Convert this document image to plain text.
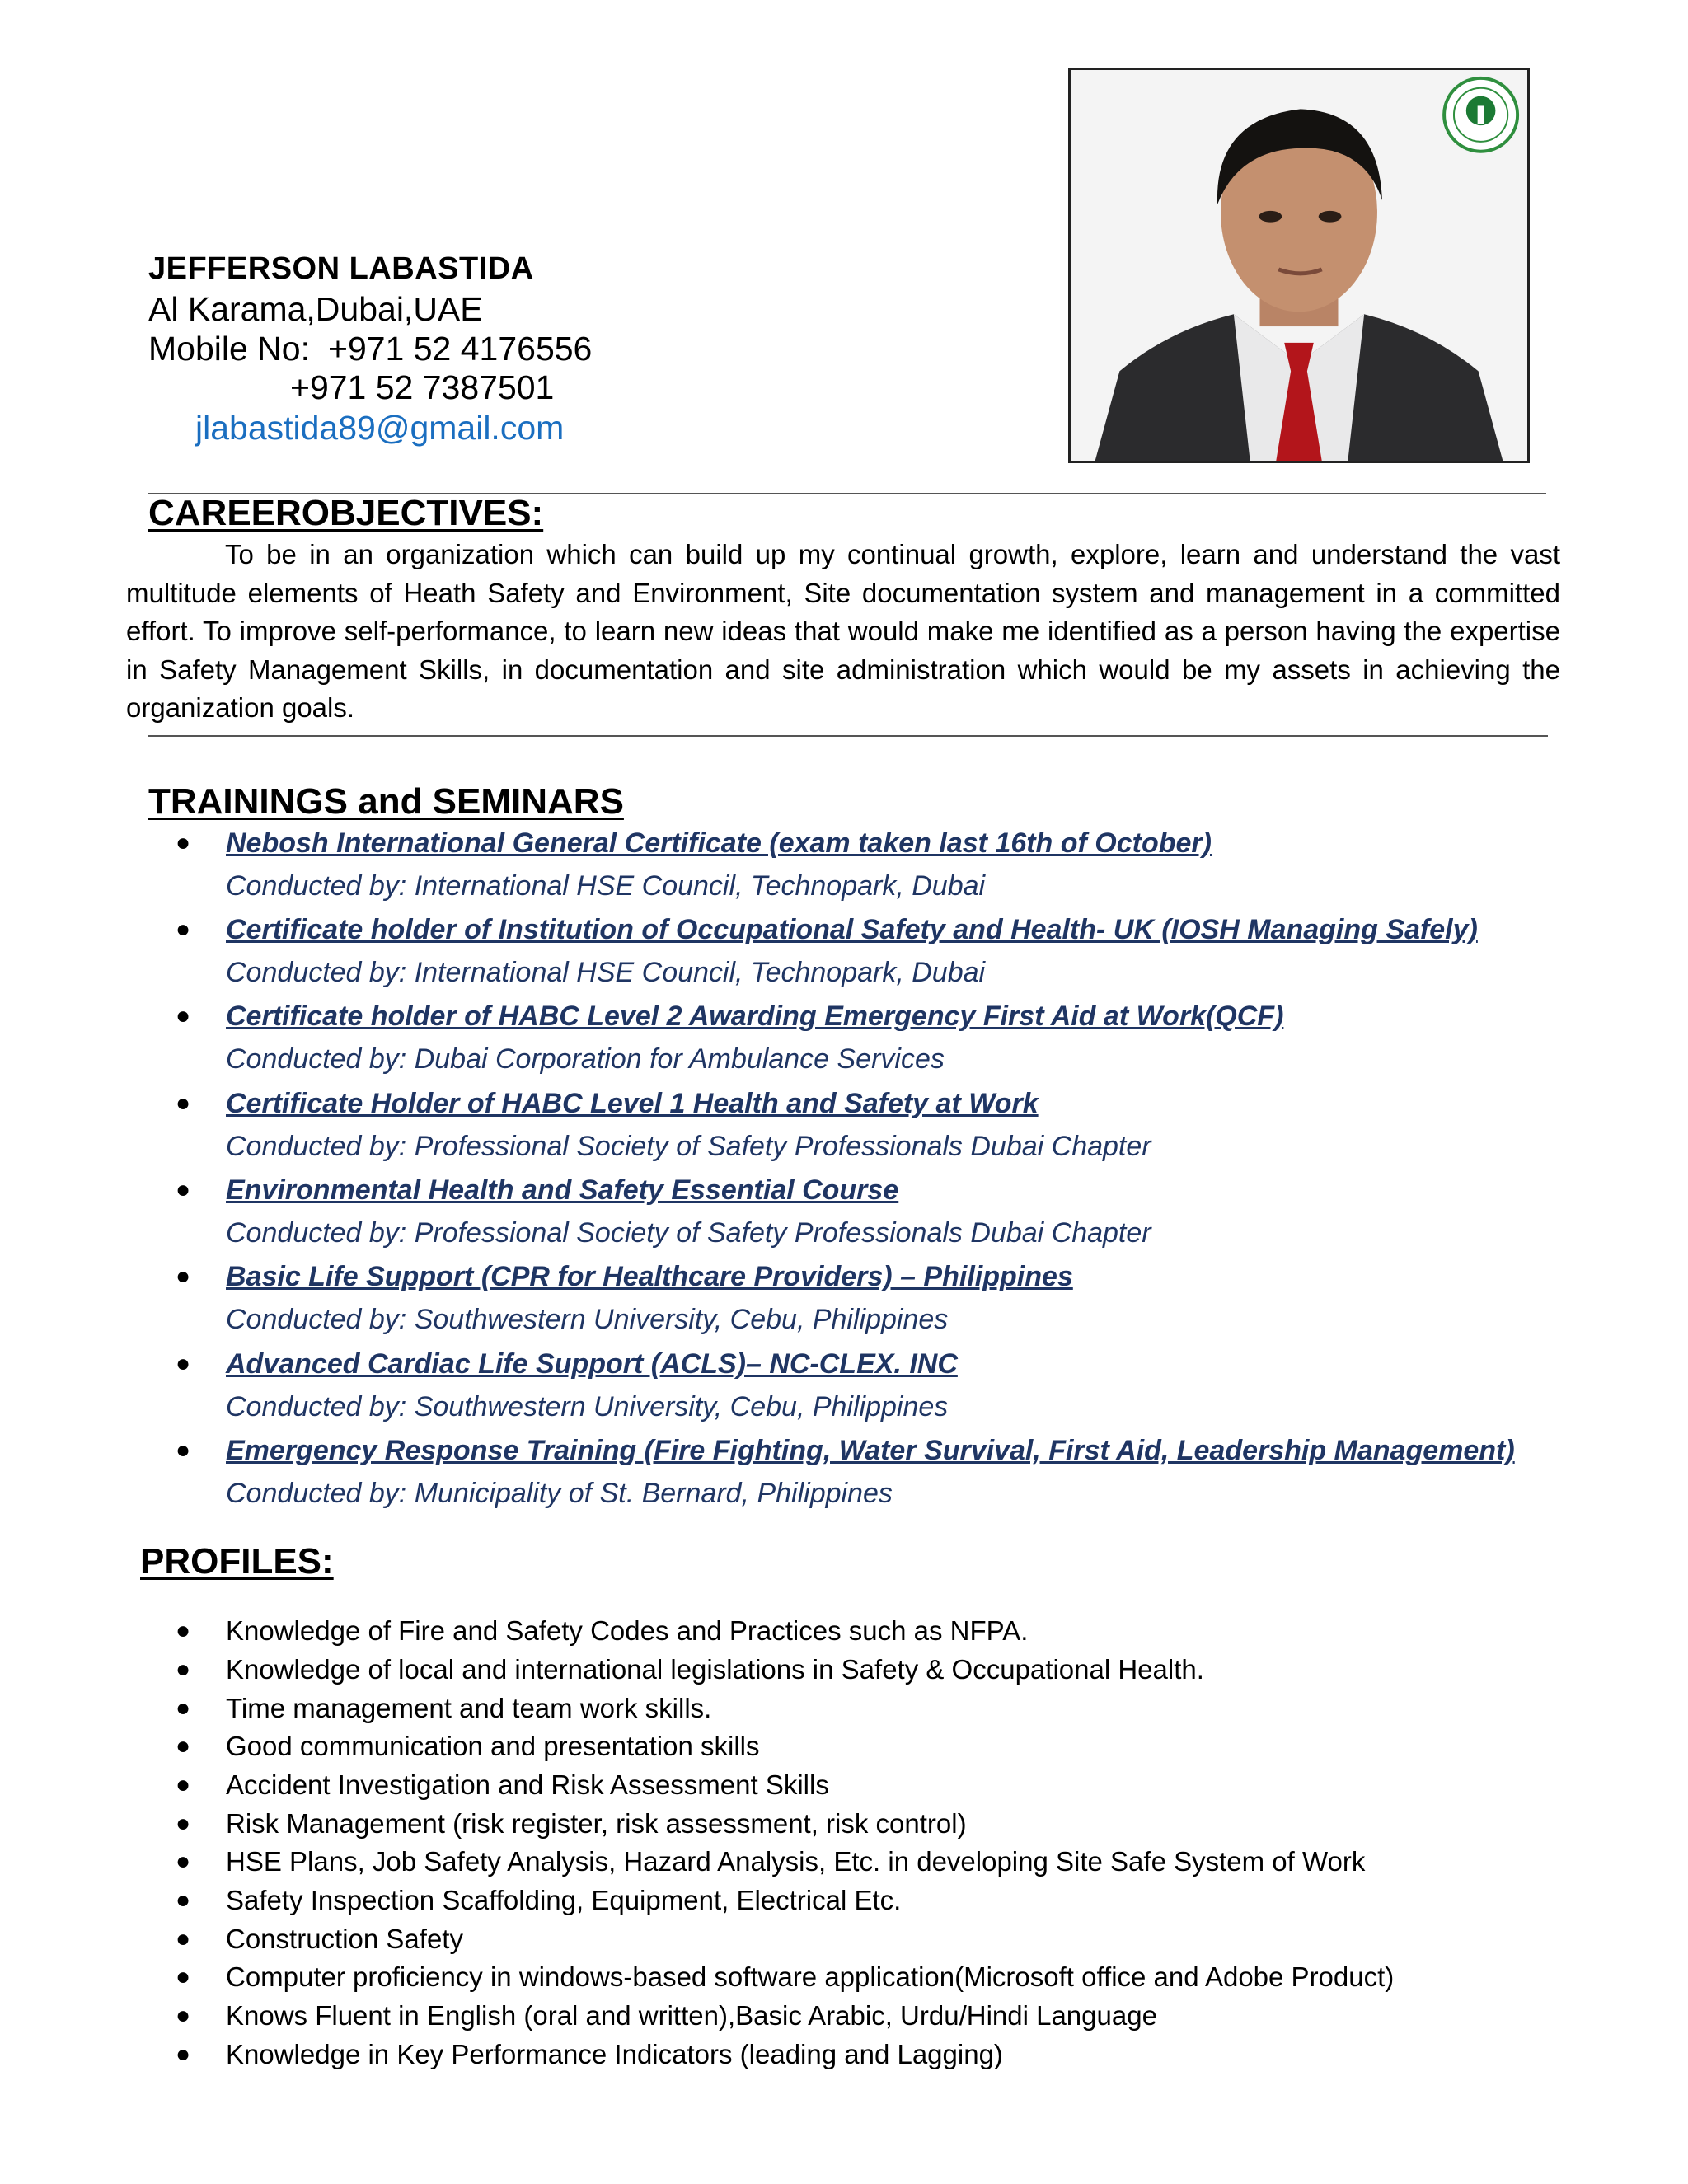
JEFFERSON LABASTIDA
Al Karama,Dubai,UAE
Mobile No: +971 52 4176556
+971 52 7387501
jlabastida89@gmail.com
CAREEROBJECTIVES:
To be in an organization which can build up my continual growth, explore, learn and understand the vast multitude elements of Heath Safety and Environment, Site documentation system and management in a committed effort. To improve self-performance, to learn new ideas that would make me identified as a person having the expertise in Safety Management Skills, in documentation and site administration which would be my assets in achieving the organization goals.
TRAININGS and SEMINARS
● Nebosh International General Certificate (exam taken last 16th of October)
Conducted by: International HSE Council, Technopark, Dubai
● Certificate holder of Institution of Occupational Safety and Health- UK (IOSH Managing Safely)
Conducted by: International HSE Council, Technopark, Dubai
● Certificate holder of HABC Level 2 Awarding Emergency First Aid at Work(QCF)
Conducted by: Dubai Corporation for Ambulance Services
● Certificate Holder of HABC Level 1 Health and Safety at Work
Conducted by: Professional Society of Safety Professionals Dubai Chapter
● Environmental Health and Safety Essential Course
Conducted by: Professional Society of Safety Professionals Dubai Chapter
● Basic Life Support (CPR for Healthcare Providers) – Philippines
Conducted by: Southwestern University, Cebu, Philippines
● Advanced Cardiac Life Support (ACLS)– NC-CLEX. INC
Conducted by: Southwestern University, Cebu, Philippines
● Emergency Response Training (Fire Fighting, Water Survival, First Aid, Leadership Management)
Conducted by: Municipality of St. Bernard, Philippines
PROFILES:
● Knowledge of Fire and Safety Codes and Practices such as NFPA.
● Knowledge of local and international legislations in Safety & Occupational Health.
● Time management and team work skills.
● Good communication and presentation skills
● Accident Investigation and Risk Assessment Skills
● Risk Management (risk register, risk assessment, risk control)
● HSE Plans, Job Safety Analysis, Hazard Analysis, Etc. in developing Site Safe System of Work
● Safety Inspection Scaffolding, Equipment, Electrical Etc.
● Construction Safety
● Computer proficiency in windows-based software application(Microsoft office and Adobe Product)
● Knows Fluent in English (oral and written),Basic Arabic, Urdu/Hindi Language
● Knowledge in Key Performance Indicators (leading and Lagging)
